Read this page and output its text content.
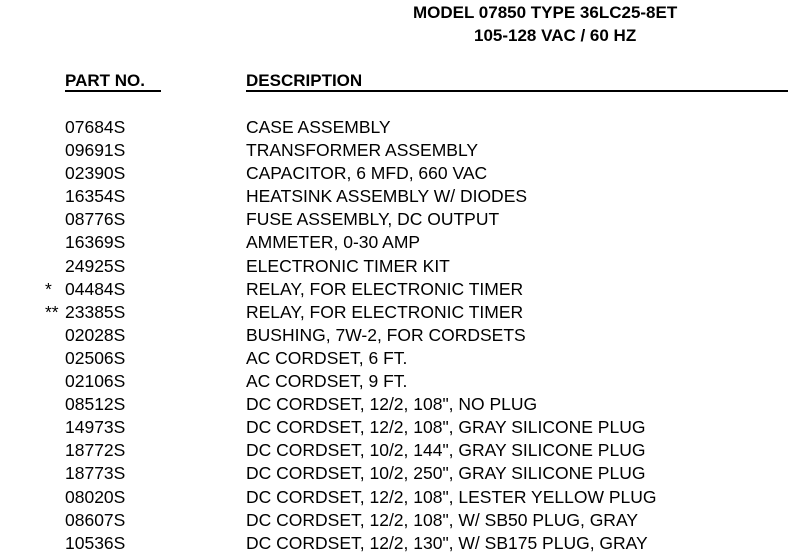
MODEL 07850 TYPE 36LC25-8ET
105-128 VAC / 60 HZ
PART NO.	DESCRIPTION
07684S	CASE ASSEMBLY
09691S	TRANSFORMER ASSEMBLY
02390S	CAPACITOR, 6 MFD, 660 VAC
16354S	HEATSINK ASSEMBLY W/ DIODES
08776S	FUSE ASSEMBLY, DC OUTPUT
16369S	AMMETER, 0-30 AMP
24925S	ELECTRONIC TIMER KIT
* 04484S	RELAY, FOR ELECTRONIC TIMER
** 23385S	RELAY, FOR ELECTRONIC TIMER
02028S	BUSHING, 7W-2, FOR CORDSETS
02506S	AC CORDSET, 6 FT.
02106S	AC CORDSET, 9 FT.
08512S	DC CORDSET, 12/2, 108", NO PLUG
14973S	DC CORDSET, 12/2, 108", GRAY SILICONE PLUG
18772S	DC CORDSET, 10/2, 144", GRAY SILICONE PLUG
18773S	DC CORDSET, 10/2, 250", GRAY SILICONE PLUG
08020S	DC CORDSET, 12/2, 108", LESTER YELLOW PLUG
08607S	DC CORDSET, 12/2, 108", W/ SB50 PLUG, GRAY
10536S	DC CORDSET, 12/2, 130", W/ SB175 PLUG, GRAY
